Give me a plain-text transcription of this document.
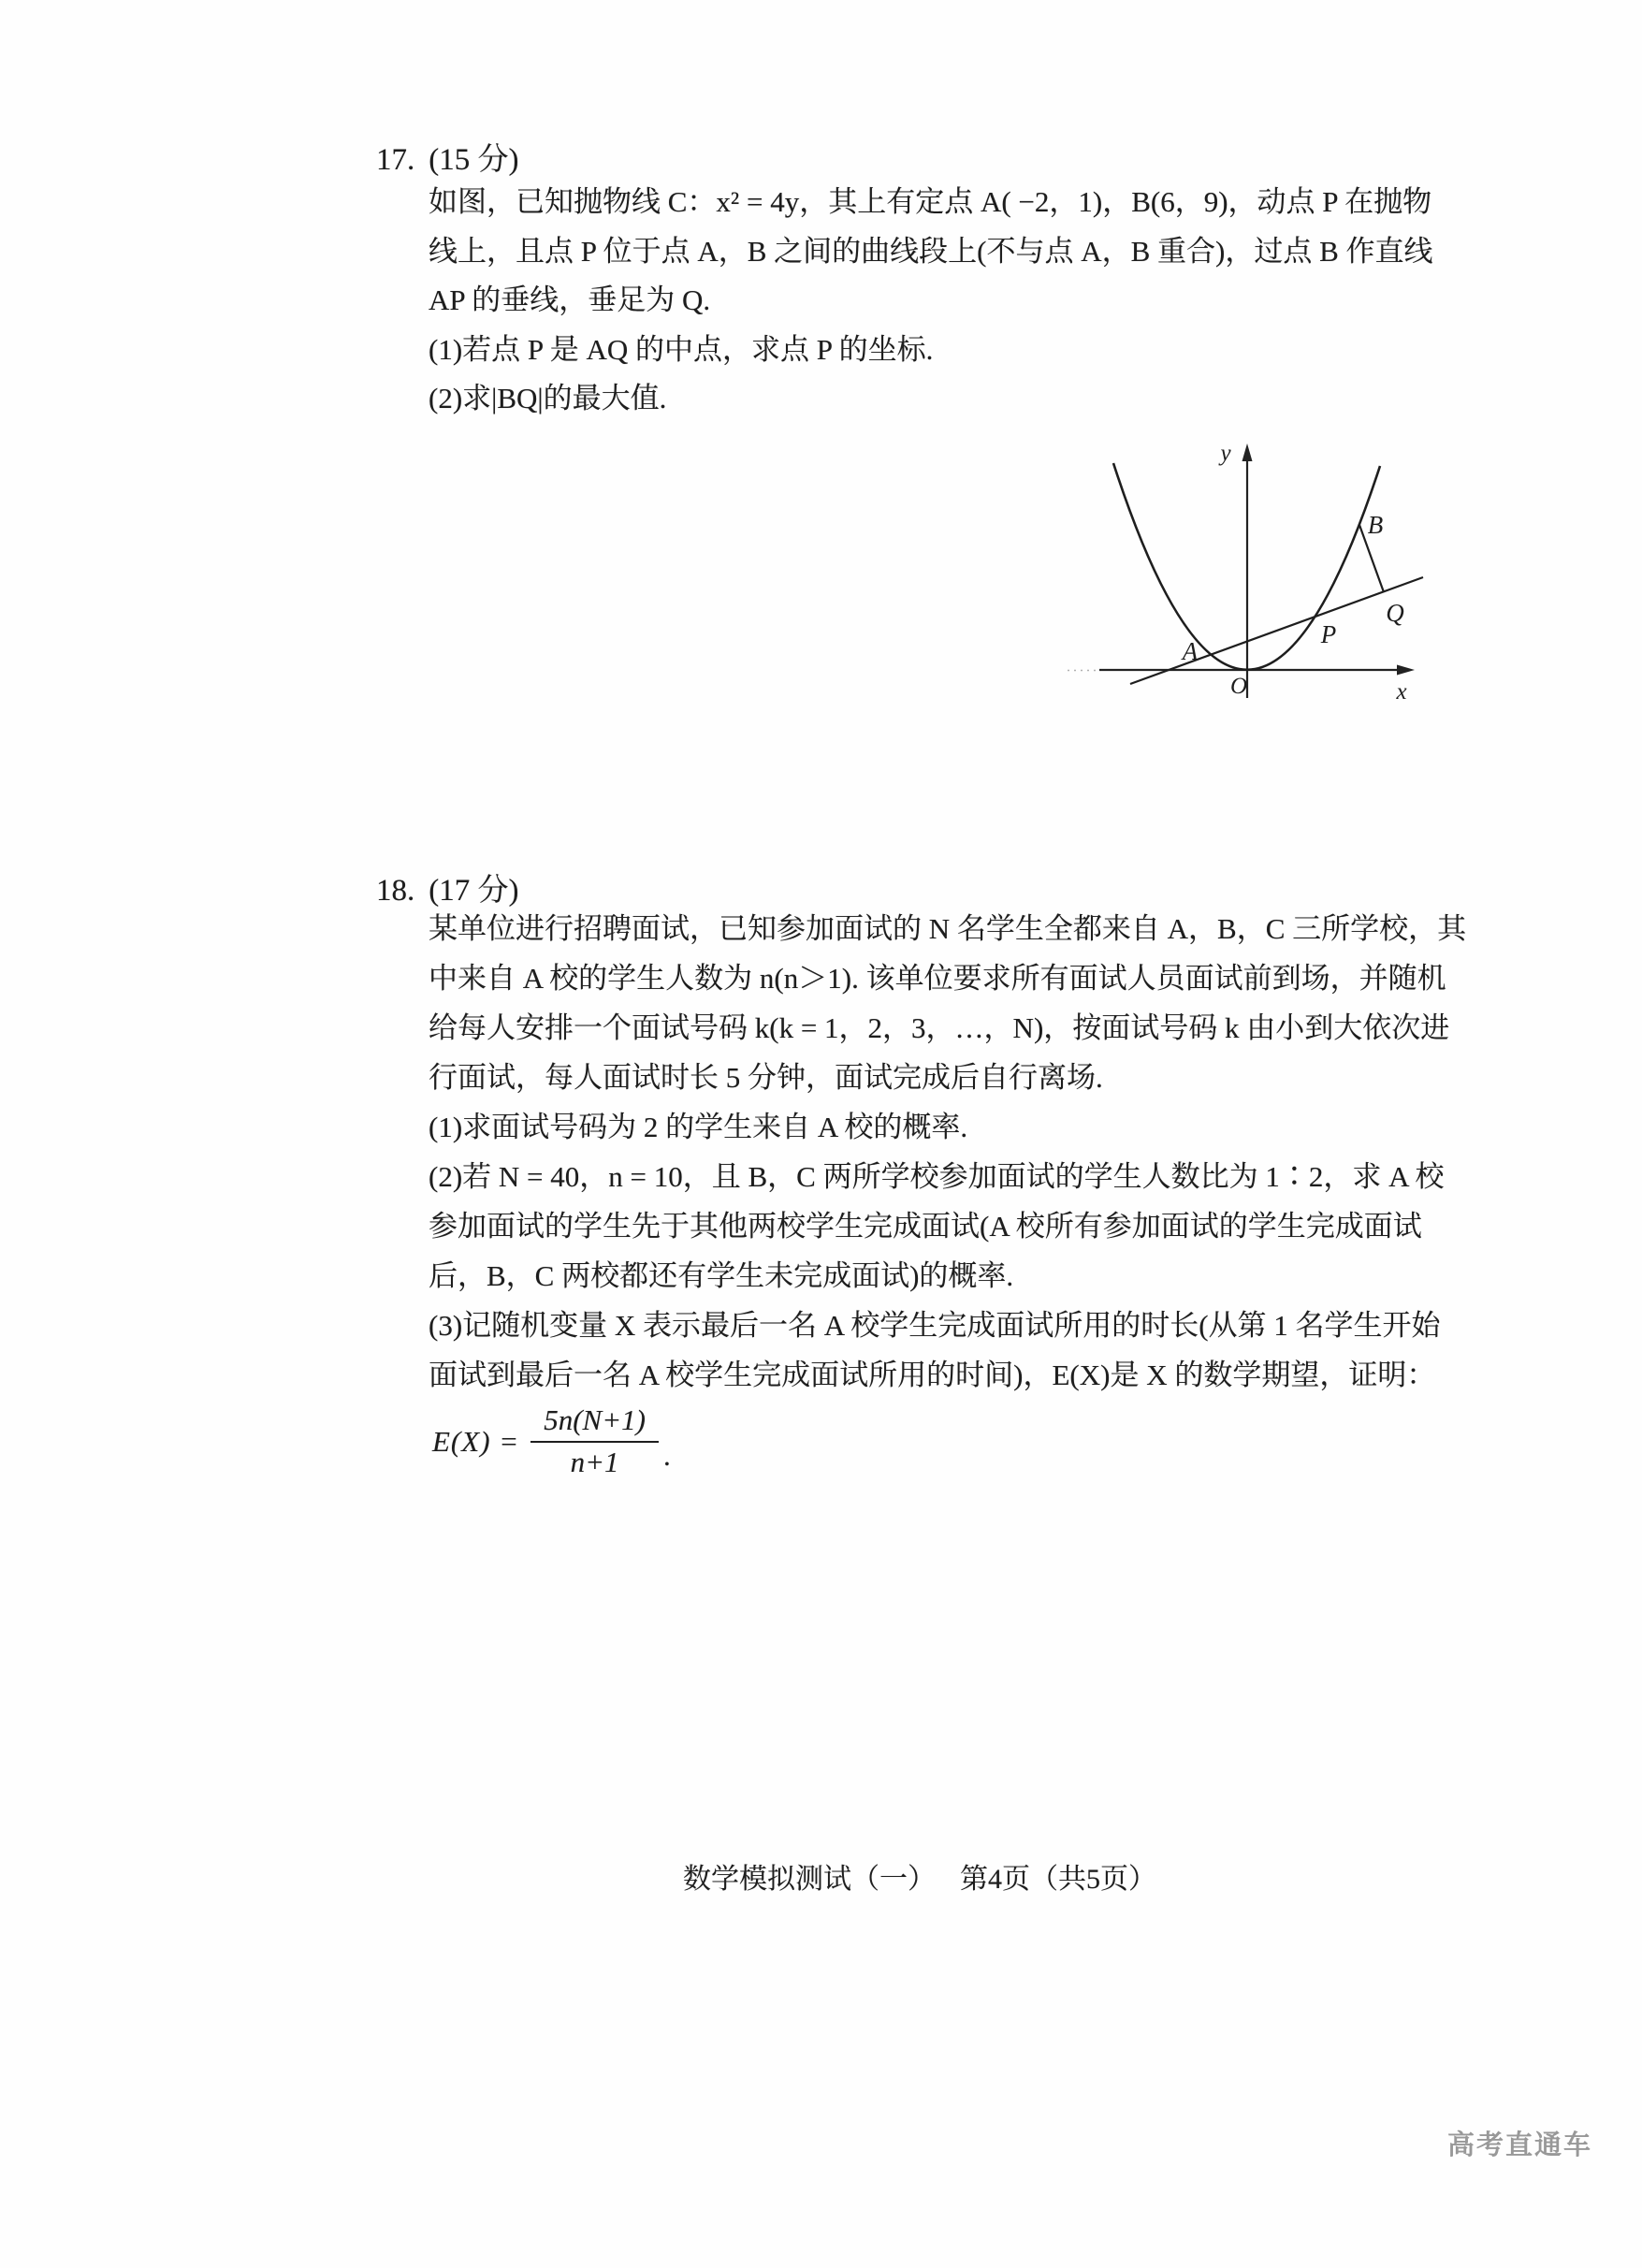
17. (15 分)
如图，已知抛物线 C：x² = 4y，其上有定点 A( −2，1)，B(6，9)，动点 P 在抛物
线上，且点 P 位于点 A，B 之间的曲线段上(不与点 A，B 重合)，过点 B 作直线
AP 的垂线，垂足为 Q.
(1)若点 P 是 AQ 的中点，求点 P 的坐标.
(2)求|BQ|的最大值.
y
x
O
A
B
P
Q
18. (17 分)
某单位进行招聘面试，已知参加面试的 N 名学生全都来自 A，B，C 三所学校，其
中来自 A 校的学生人数为 n(n＞1). 该单位要求所有面试人员面试前到场，并随机
给每人安排一个面试号码 k(k = 1，2，3，…，N)，按面试号码 k 由小到大依次进
行面试，每人面试时长 5 分钟，面试完成后自行离场.
(1)求面试号码为 2 的学生来自 A 校的概率.
(2)若 N = 40，n = 10，且 B，C 两所学校参加面试的学生人数比为 1∶2，求 A 校
参加面试的学生先于其他两校学生完成面试(A 校所有参加面试的学生完成面试
后，B，C 两校都还有学生未完成面试)的概率.
(3)记随机变量 X 表示最后一名 A 校学生完成面试所用的时长(从第 1 名学生开始
面试到最后一名 A 校学生完成面试所用的时间)，E(X)是 X 的数学期望，证明：
$E(X) = \frac{5n(N+1)}{n+1}$ .
数学模拟测试（一） 第4页（共5页）
高考直通车
